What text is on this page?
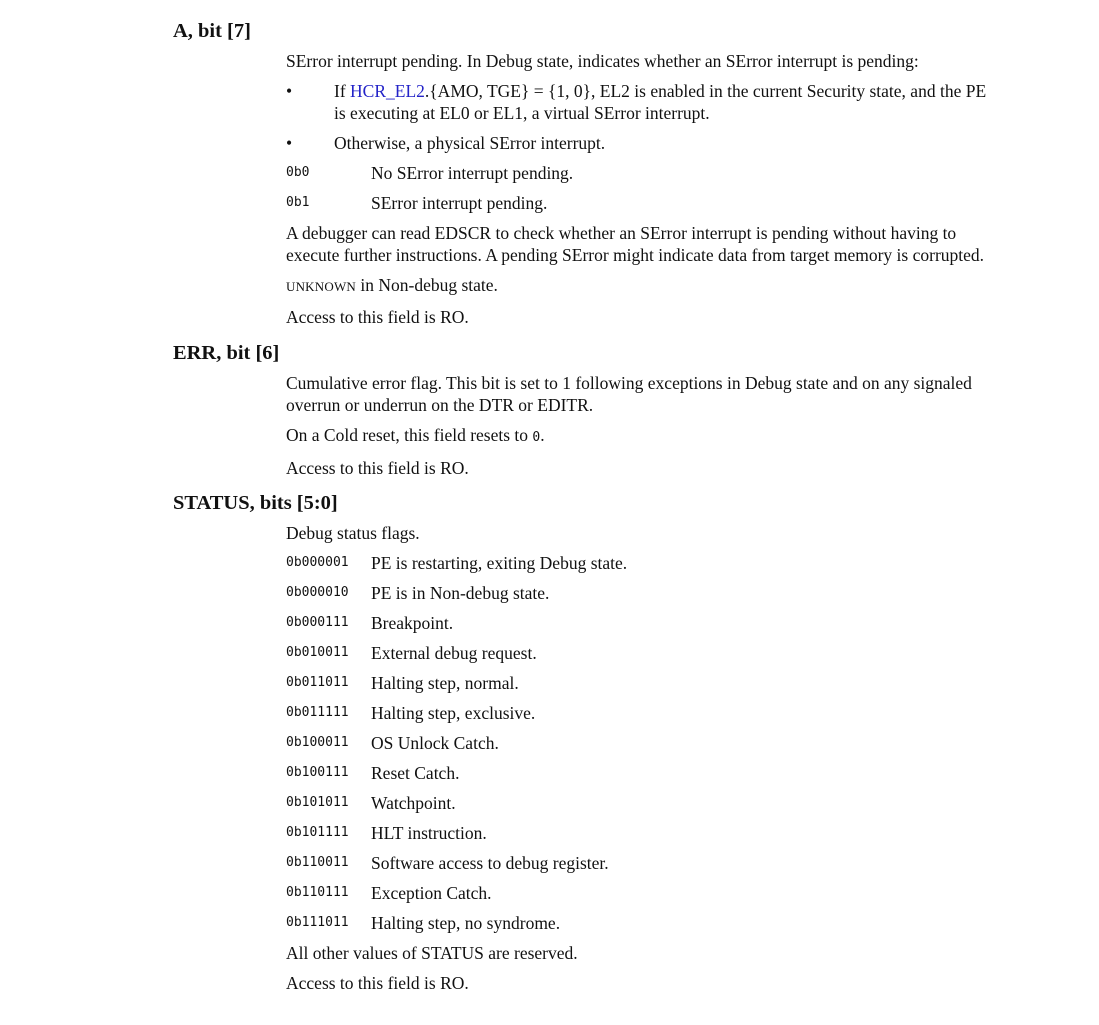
A, bit [7]

SError interrupt pending. In Debug state, indicates whether an SError interrupt is pending:

•	If HCR_EL2.{AMO, TGE} = {1, 0}, EL2 is enabled in the current Security state, and the PE is executing at EL0 or EL1, a virtual SError interrupt.
•	Otherwise, a physical SError interrupt.
0b0	No SError interrupt pending.
0b1	SError interrupt pending.

A debugger can read EDSCR to check whether an SError interrupt is pending without having to execute further instructions. A pending SError might indicate data from target memory is corrupted.

UNKNOWN in Non-debug state.

Access to this field is RO.

ERR, bit [6]

Cumulative error flag. This bit is set to 1 following exceptions in Debug state and on any signaled overrun or underrun on the DTR or EDITR.

On a Cold reset, this field resets to 0.

Access to this field is RO.

STATUS, bits [5:0]

Debug status flags.

0b000001	PE is restarting, exiting Debug state.
0b000010	PE is in Non-debug state.
0b000111	Breakpoint.
0b010011	External debug request.
0b011011	Halting step, normal.
0b011111	Halting step, exclusive.
0b100011	OS Unlock Catch.
0b100111	Reset Catch.
0b101011	Watchpoint.
0b101111	HLT instruction.
0b110011	Software access to debug register.
0b110111	Exception Catch.
0b111011	Halting step, no syndrome.

All other values of STATUS are reserved.

Access to this field is RO.
